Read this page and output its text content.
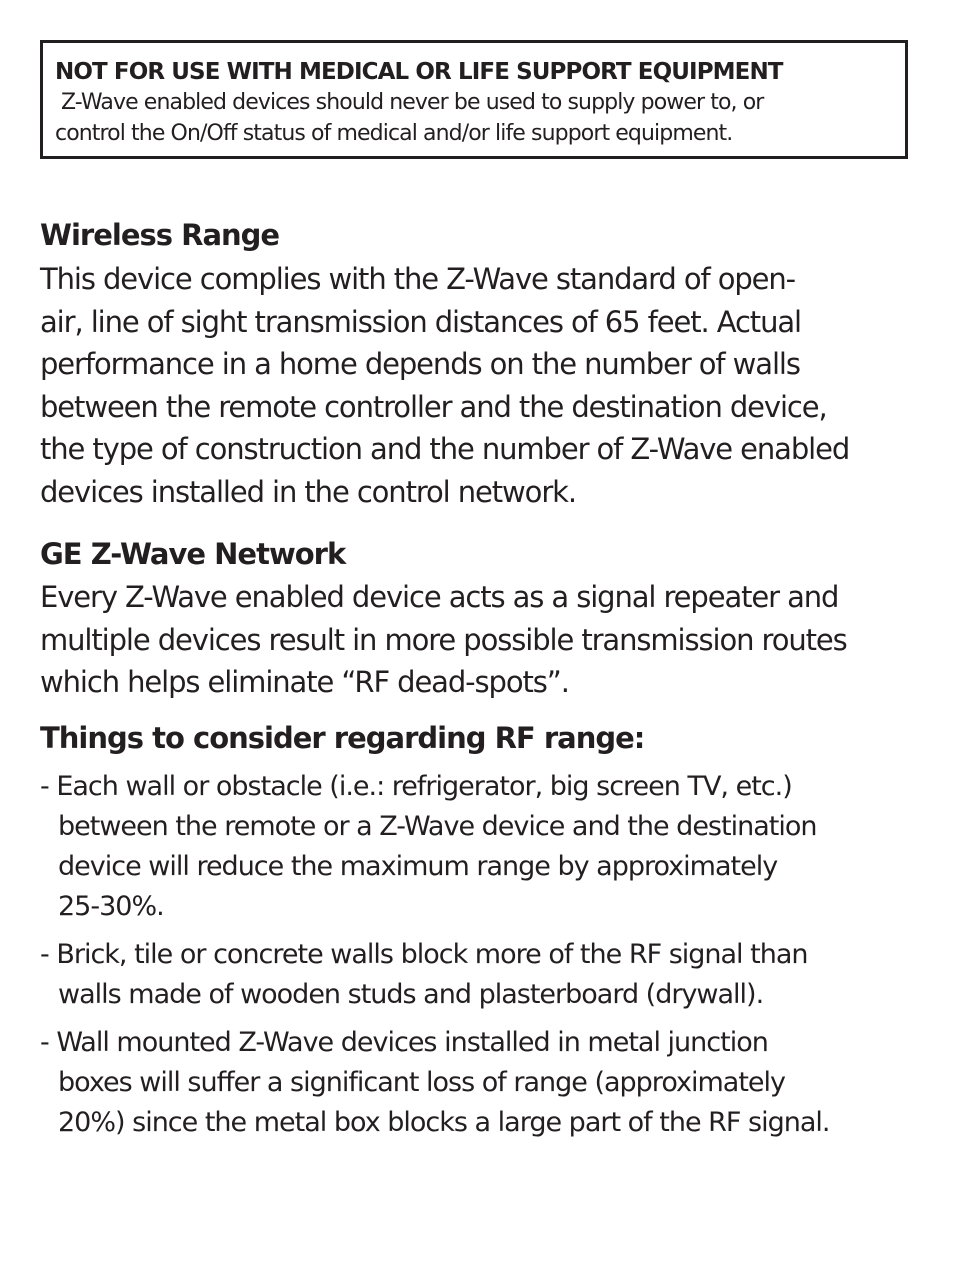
NOT FOR USE WITH MEDICAL OR LIFE SUPPORT EQUIPMENT

Z-Wave enabled devices should never be used to supply power to, or

control the On/Off status of medical and/or life support equipment.

Wireless Range

This device complies with the Z-Wave standard of open-

air, line of sight transmission distances of 65 feet. Actual

performance in a home depends on the number of walls

between the remote controller and the destination device,

the type of construction and the number of Z-Wave enabled

devices installed in the control network.

GE Z-Wave Network

Every Z-Wave enabled device acts as a signal repeater and

multiple devices result in more possible transmission routes

which helps eliminate “RF dead-spots”.

Things to consider regarding RF range:

- Each wall or obstacle (i.e.: refrigerator, big screen TV, etc.)

between the remote or a Z-Wave device and the destination

device will reduce the maximum range by approximately

25-30%.

- Brick, tile or concrete walls block more of the RF signal than

walls made of wooden studs and plasterboard (drywall).

- Wall mounted Z-Wave devices installed in metal junction

boxes will suffer a significant loss of range (approximately

20%) since the metal box blocks a large part of the RF signal.
